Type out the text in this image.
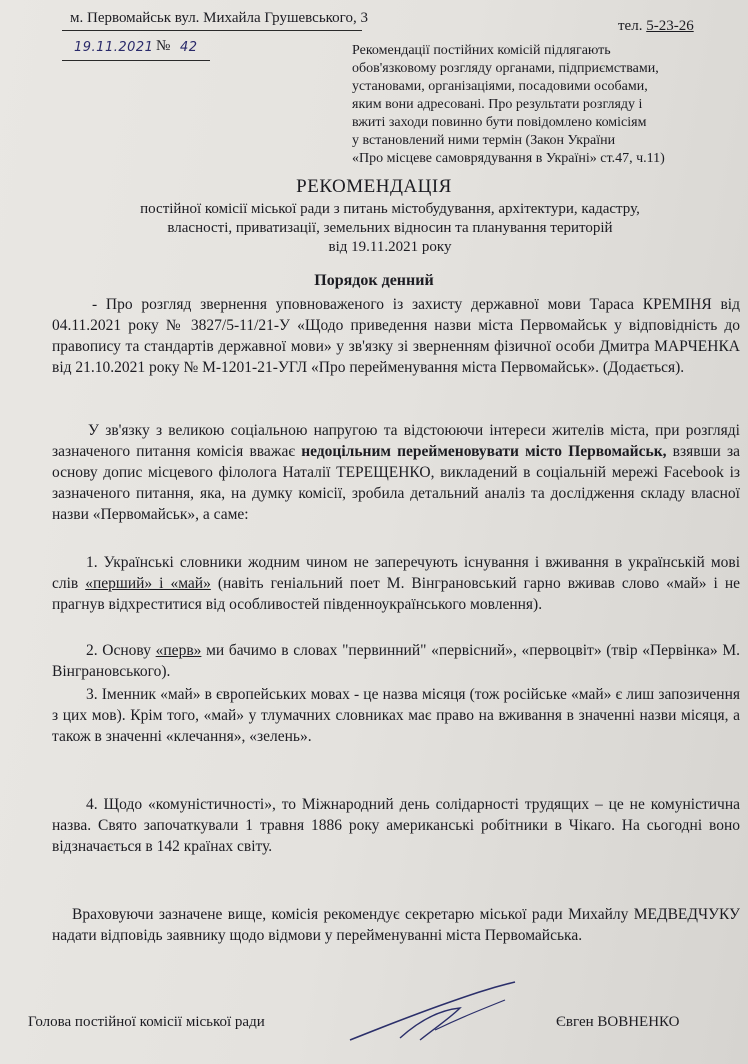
м. Первомайськ вул. Михайла Грушевського, 3	тел. 5-23-26
19.11.2021 № 42	Рекомендації постійних комісій підлягають
обов'язковому розгляду органами, підприємствами,
установами, організаціями, посадовими особами,
яким вони адресовані. Про результати розгляду і
вжиті заходи повинно бути повідомлено комісіям
у встановлений ними термін (Закон України
«Про місцеве самоврядування в Україні» ст.47, ч.11)
РЕКОМЕНДАЦІЯ
постійної комісії міської ради з питань містобудування, архітектури, кадастру,
власності, приватизації, земельних відносин та планування територій
від 19.11.2021 року
Порядок денний
- Про розгляд звернення уповноваженого із захисту державної мови Тараса КРЕМІНЯ від 04.11.2021 року № 3827/5-11/21-У «Щодо приведення назви міста Первомайськ у відповідність до правопису та стандартів державної мови» у зв'язку зі зверненням фізичної особи Дмитра МАРЧЕНКА від 21.10.2021 року № М-1201-21-УГЛ «Про перейменування міста Первомайськ». (Додається).
У зв'язку з великою соціальною напругою та відстоюючи інтереси жителів міста, при розгляді зазначеного питання комісія вважає недоцільним перейменовувати місто Первомайськ, взявши за основу допис місцевого філолога Наталії ТЕРЕЩЕНКО, викладений в соціальній мережі Facebook із зазначеного питання, яка, на думку комісії, зробила детальний аналіз та дослідження складу власної назви «Первомайськ», а саме:
1. Українські словники жодним чином не заперечують існування і вживання в українській мові слів «перший» і «май» (навіть геніальний поет М. Вінграновський гарно вживав слово «май» і не прагнув відхреститися від особливостей південноукраїнського мовлення).
2. Основу «перв» ми бачимо в словах "первинний" «первісний», «первоцвіт» (твір «Первінка» М. Вінграновського).
3. Іменник «май» в європейських мовах - це назва місяця (тож російське «май» є лиш запозичення з цих мов). Крім того, «май» у тлумачних словниках має право на вживання в значенні назви місяця, а також в значенні «клечання», «зелень».
4. Щодо «комуністичності», то Міжнародний день солідарності трудящих – це не комуністична назва. Свято започаткували 1 травня 1886 року американські робітники в Чікаго. На сьогодні воно відзначається в 142 країнах світу.
Враховуючи зазначене вище, комісія рекомендує секретарю міської ради Михайлу МЕДВЕДЧУКУ надати відповідь заявнику щодо відмови у перейменуванні міста Первомайська.
Голова постійної комісії міської ради	Євген ВОВНЕНКО
